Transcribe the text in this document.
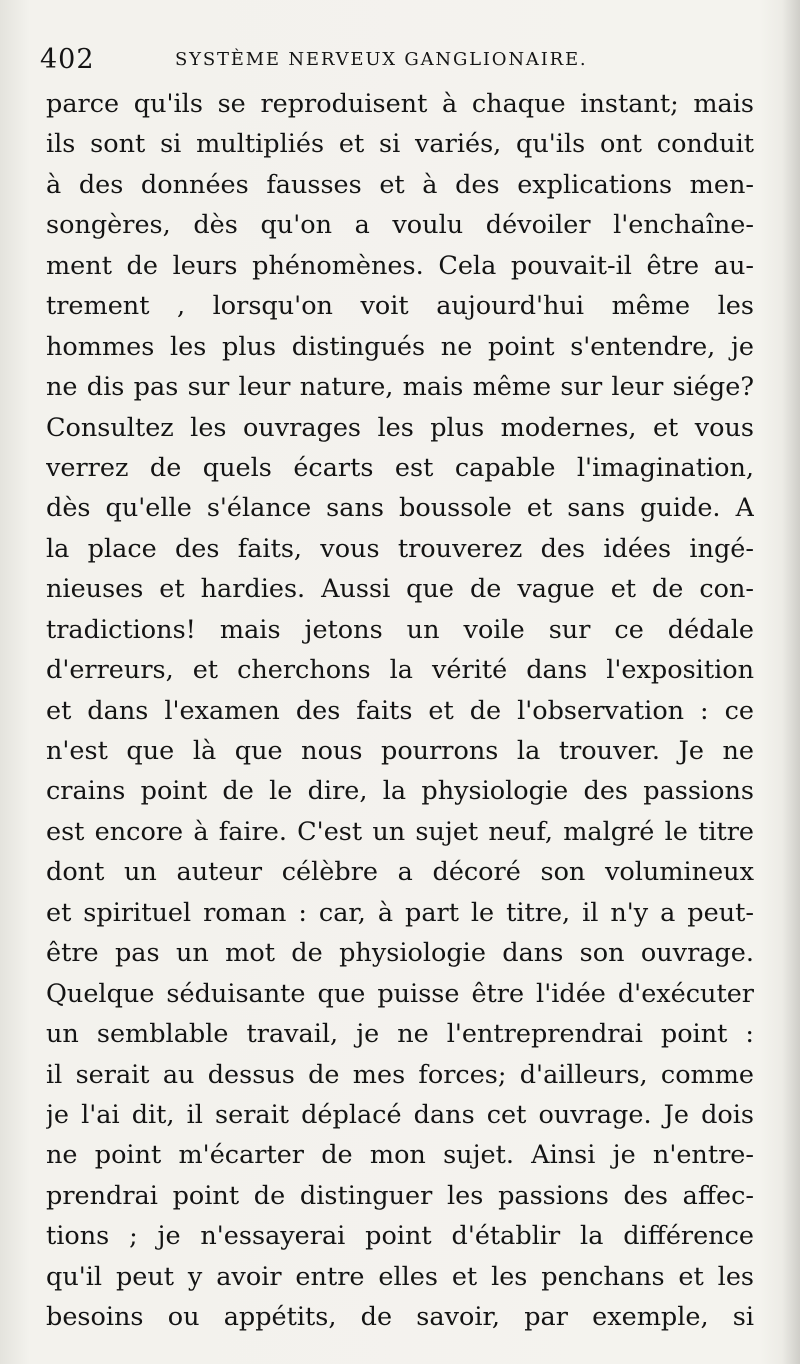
402	SYSTÈME NERVEUX GANGLIONAIRE.
parce qu'ils se reproduisent à chaque instant; mais
ils sont si multipliés et si variés, qu'ils ont conduit
à des données fausses et à des explications men-
songères, dès qu'on a voulu dévoiler l'enchaîne-
ment de leurs phénomènes. Cela pouvait-il être au-
trement , lorsqu'on voit aujourd'hui même les
hommes les plus distingués ne point s'entendre, je
ne dis pas sur leur nature, mais même sur leur siége?
Consultez les ouvrages les plus modernes, et vous
verrez de quels écarts est capable l'imagination,
dès qu'elle s'élance sans boussole et sans guide. A
la place des faits, vous trouverez des idées ingé-
nieuses et hardies. Aussi que de vague et de con-
tradictions! mais jetons un voile sur ce dédale
d'erreurs, et cherchons la vérité dans l'exposition
et dans l'examen des faits et de l'observation : ce
n'est que là que nous pourrons la trouver. Je ne
crains point de le dire, la physiologie des passions
est encore à faire. C'est un sujet neuf, malgré le titre
dont un auteur célèbre a décoré son volumineux
et spirituel roman : car, à part le titre, il n'y a peut-
être pas un mot de physiologie dans son ouvrage.
Quelque séduisante que puisse être l'idée d'exécuter
un semblable travail, je ne l'entreprendrai point :
il serait au dessus de mes forces; d'ailleurs, comme
je l'ai dit, il serait déplacé dans cet ouvrage. Je dois
ne point m'écarter de mon sujet. Ainsi je n'entre-
prendrai point de distinguer les passions des affec-
tions ; je n'essayerai point d'établir la différence
qu'il peut y avoir entre elles et les penchans et les
besoins ou appétits, de savoir, par exemple, si
